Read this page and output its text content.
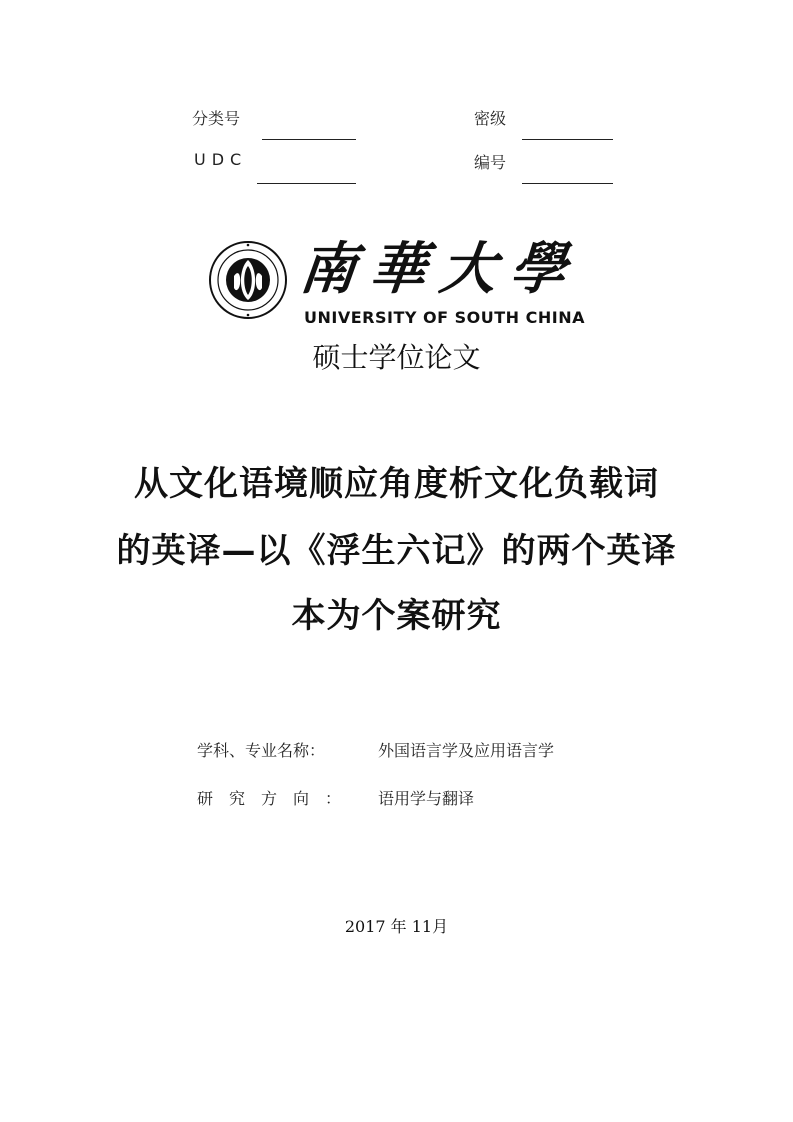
分类号	密级
UDC	编号
南華大學
UNIVERSITY OF SOUTH CHINA
硕士学位论文
从文化语境顺应角度析文化负载词
的英译—以《浮生六记》的两个英译
本为个案研究
学科、专业名称：	外国语言学及应用语言学
研　究　方　向　： 语用学与翻译
2017 年 11月
